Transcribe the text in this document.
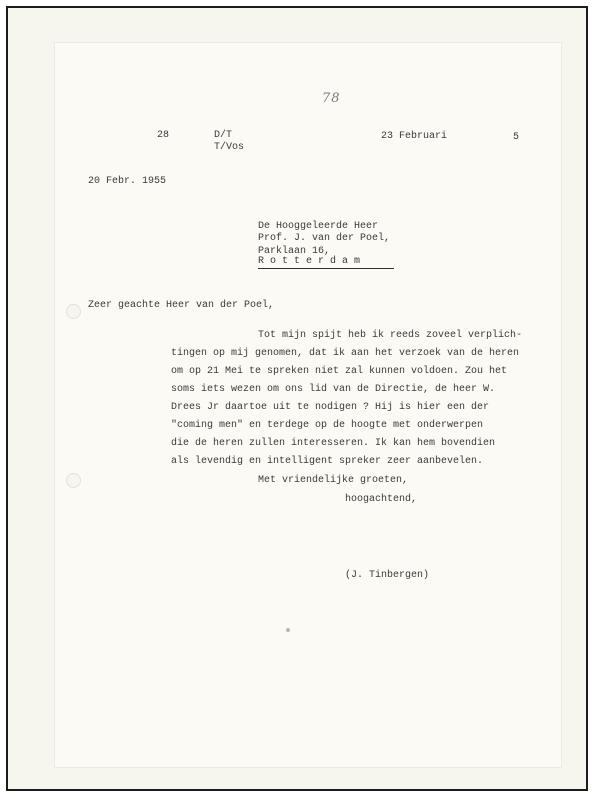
78
28	D/T
T/Vos
23 Februari	5
20 Febr. 1955
De Hooggeleerde Heer
Prof. J. van der Poel,
Parklaan 16,
R o t t e r d a m
Zeer geachte Heer van der Poel,
Tot mijn spijt heb ik reeds zoveel verplich-
tingen op mij genomen, dat ik aan het verzoek van de heren
om op 21 Mei te spreken niet zal kunnen voldoen. Zou het
soms iets wezen om ons lid van de Directie, de heer W.
Drees Jr daartoe uit te nodigen ? Hij is hier een der
"coming men" en terdege op de hoogte met onderwerpen
die de heren zullen interesseren. Ik kan hem bovendien
als levendig en intelligent spreker zeer aanbevelen.
Met vriendelijke groeten,
hoogachtend,
(J. Tinbergen)
